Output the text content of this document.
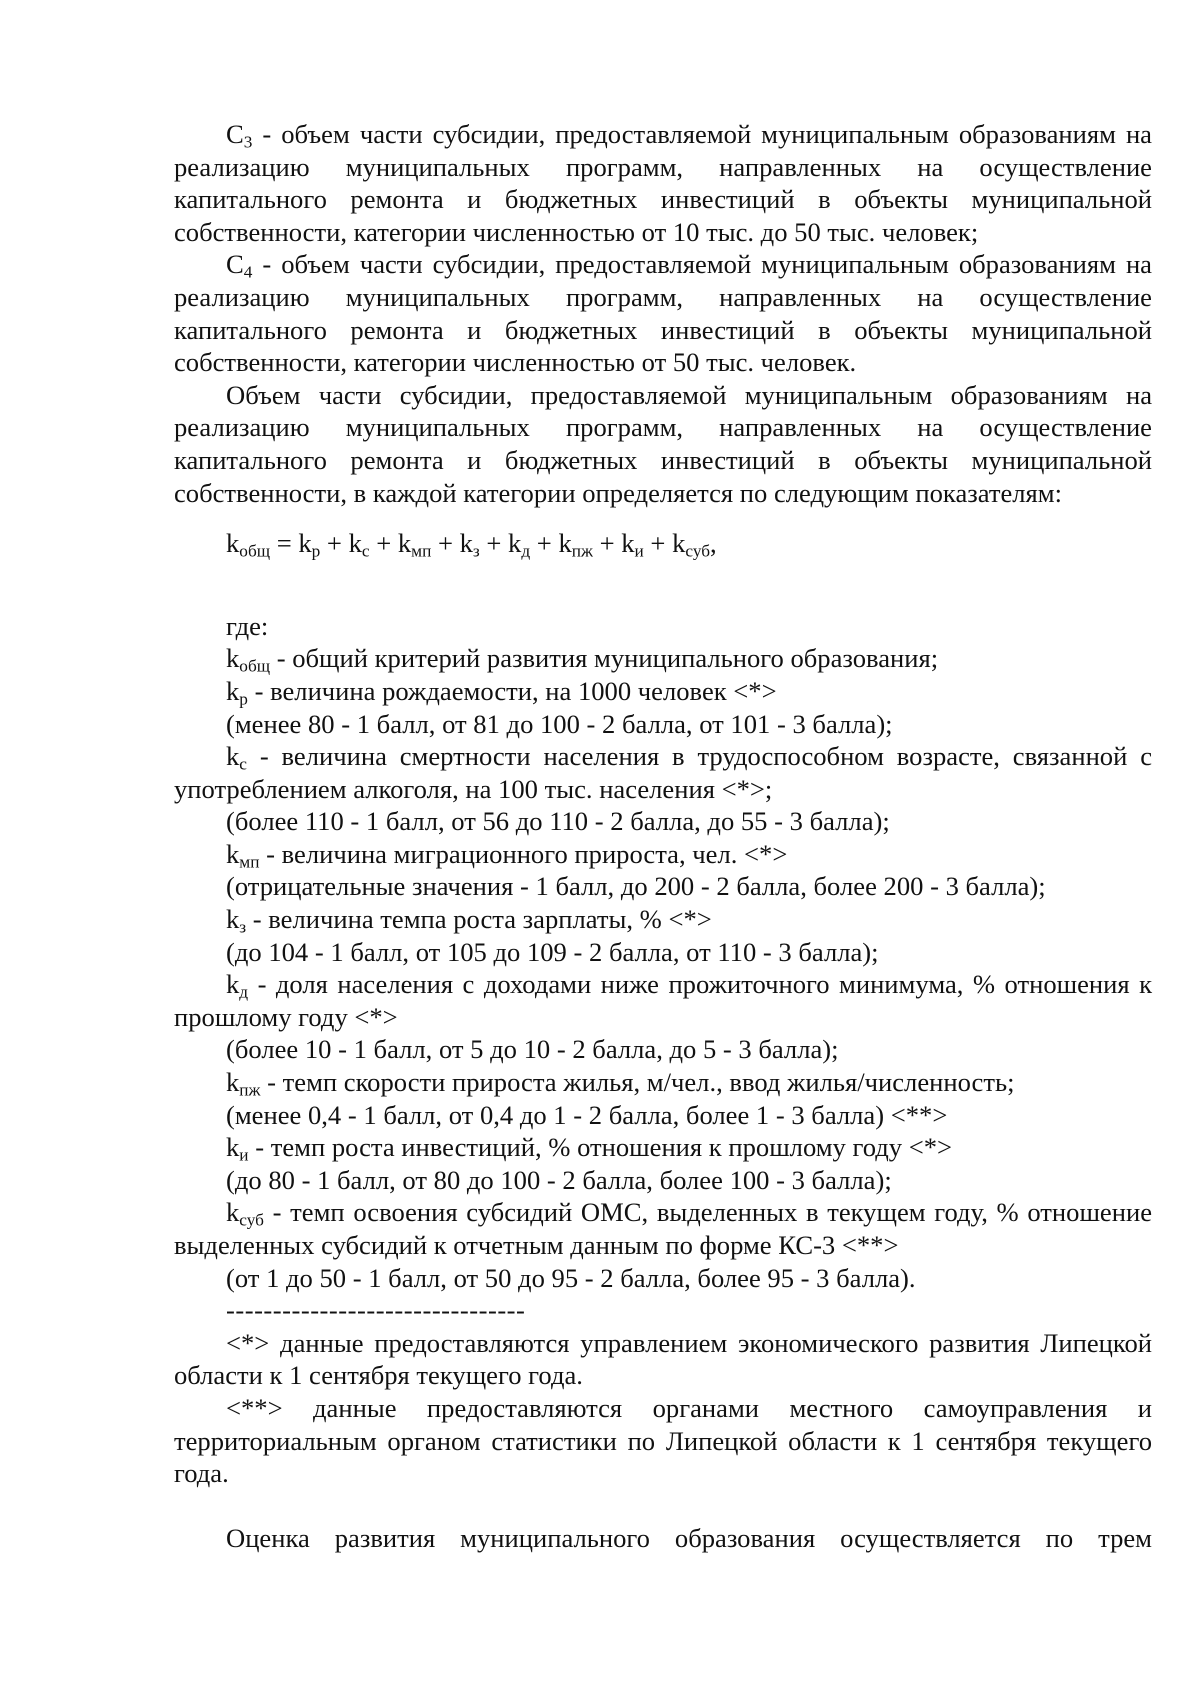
$С_3$ - объем части субсидии, предоставляемой муниципальным образованиям на реализацию муниципальных программ, направленных на осуществление капитального ремонта и бюджетных инвестиций в объекты муниципальной собственности, категории численностью от 10 тыс. до 50 тыс. человек;

$С_4$ - объем части субсидии, предоставляемой муниципальным образованиям на реализацию муниципальных программ, направленных на осуществление капитального ремонта и бюджетных инвестиций в объекты муниципальной собственности, категории численностью от 50 тыс. человек.

Объем части субсидии, предоставляемой муниципальным образованиям на реализацию муниципальных программ, направленных на осуществление капитального ремонта и бюджетных инвестиций в объекты муниципальной собственности, в каждой категории определяется по следующим показателям:

$k_{общ} = k_р + k_с + k_{мп} + k_з + k_д + k_{пж} + k_и + k_{суб}$,

где:

$k_{общ}$ - общий критерий развития муниципального образования;

$k_р$ - величина рождаемости, на 1000 человек <*>

(менее 80 - 1 балл, от 81 до 100 - 2 балла, от 101 - 3 балла);

$k_с$ - величина смертности населения в трудоспособном возрасте, связанной с употреблением алкоголя, на 100 тыс. населения <*>;

(более 110 - 1 балл, от 56 до 110 - 2 балла, до 55 - 3 балла);

$k_{мп}$ - величина миграционного прироста, чел. <*>

(отрицательные значения - 1 балл, до 200 - 2 балла, более 200 - 3 балла);

$k_з$ - величина темпа роста зарплаты, % <*>

(до 104 - 1 балл, от 105 до 109 - 2 балла, от 110 - 3 балла);

$k_д$ - доля населения с доходами ниже прожиточного минимума, % отношения к прошлому году <*>

(более 10 - 1 балл, от 5 до 10 - 2 балла, до 5 - 3 балла);

$k_{пж}$ - темп скорости прироста жилья, м/чел., ввод жилья/численность;

(менее 0,4 - 1 балл, от 0,4 до 1 - 2 балла, более 1 - 3 балла) <**>

$k_и$ - темп роста инвестиций, % отношения к прошлому году <*>

(до 80 - 1 балл, от 80 до 100 - 2 балла, более 100 - 3 балла);

$k_{суб}$ - темп освоения субсидий ОМС, выделенных в текущем году, % отношение выделенных субсидий к отчетным данным по форме КС-3 <**>

(от 1 до 50 - 1 балл, от 50 до 95 - 2 балла, более 95 - 3 балла).

--------------------------------

<*> данные предоставляются управлением экономического развития Липецкой области к 1 сентября текущего года.

<**> данные предоставляются органами местного самоуправления и территориальным органом статистики по Липецкой области к 1 сентября текущего года.

Оценка развития муниципального образования осуществляется по трем
